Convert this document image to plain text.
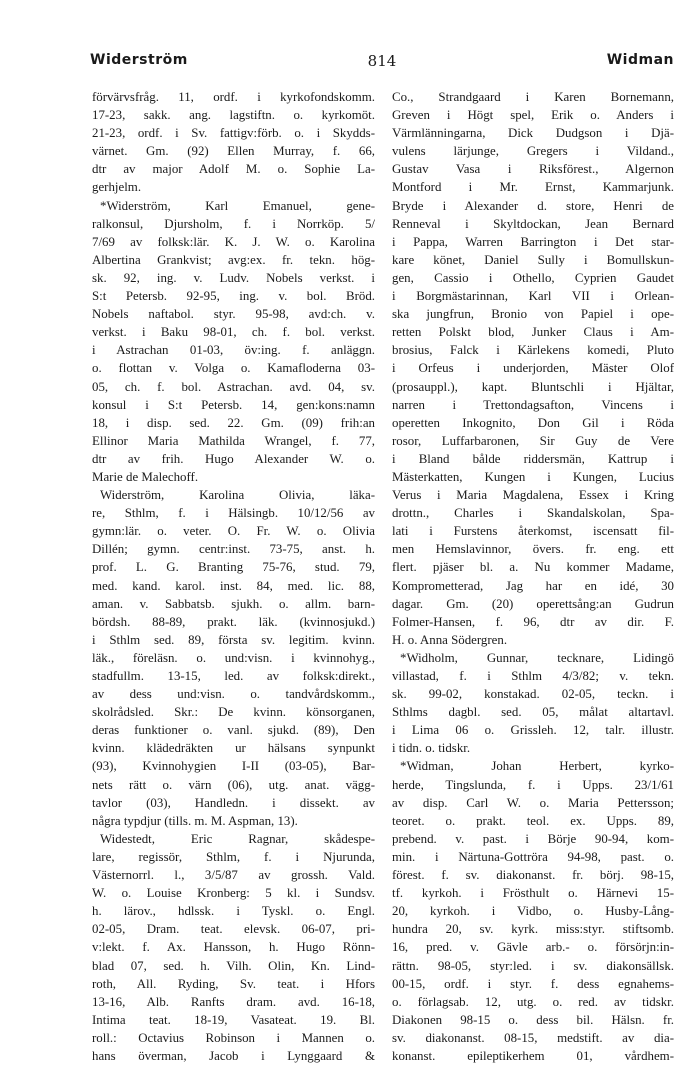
Widerström	814	Widman
förvärvsfråg. 11, ordf. i kyrkofondskomm.
17-23, sakk. ang. lagstiftn. o. kyrkomöt.
21-23, ordf. i Sv. fattigv:förb. o. i Skydds-
värnet. Gm. (92) Ellen Murray, f. 66,
dtr av major Adolf M. o. Sophie La-
gerhjelm.
*Widerström, Karl Emanuel, gene-
ralkonsul, Djursholm, f. i Norrköp. 5/
7/69 av folksk:lär. K. J. W. o. Karolina
Albertina Grankvist; avg:ex. fr. tekn. hög-
sk. 92, ing. v. Ludv. Nobels verkst. i
S:t Petersb. 92-95, ing. v. bol. Bröd.
Nobels naftabol. styr. 95-98, avd:ch. v.
verkst. i Baku 98-01, ch. f. bol. verkst.
i Astrachan 01-03, öv:ing. f. anläggn.
o. flottan v. Volga o. Kamafloderna 03-
05, ch. f. bol. Astrachan. avd. 04, sv.
konsul i S:t Petersb. 14, gen:kons:namn
18, i disp. sed. 22. Gm. (09) frih:an
Ellinor Maria Mathilda Wrangel, f. 77,
dtr av frih. Hugo Alexander W. o.
Marie de Malechoff.
Widerström, Karolina Olivia, läka-
re, Sthlm, f. i Hälsingb. 10/12/56 av
gymn:lär. o. veter. O. Fr. W. o. Olivia
Dillén; gymn. centr:inst. 73-75, anst. h.
prof. L. G. Branting 75-76, stud. 79,
med. kand. karol. inst. 84, med. lic. 88,
aman. v. Sabbatsb. sjukh. o. allm. barn-
bördsh. 88-89, prakt. läk. (kvinnosjukd.)
i Sthlm sed. 89, första sv. legitim. kvinn.
läk., föreläsn. o. und:visn. i kvinnohyg.,
stadfullm. 13-15, led. av folksk:direkt.,
av dess und:visn. o. tandvårdskomm.,
skolrådsled. Skr.: De kvinn. könsorganen,
deras funktioner o. vanl. sjukd. (89), Den
kvinn. klädedräkten ur hälsans synpunkt
(93), Kvinnohygien I-II (03-05), Bar-
nets rätt o. värn (06), utg. anat. vägg-
tavlor (03), Handledn. i dissekt. av
några typdjur (tills. m. M. Aspman, 13).
Widestedt, Eric Ragnar, skådespe-
lare, regissör, Sthlm, f. i Njurunda,
Västernorrl. l., 3/5/87 av grossh. Vald.
W. o. Louise Kronberg: 5 kl. i Sundsv.
h. lärov., hdlssk. i Tyskl. o. Engl.
02-05, Dram. teat. elevsk. 06-07, pri-
v:lekt. f. Ax. Hansson, h. Hugo Rönn-
blad 07, sed. h. Vilh. Olin, Kn. Lind-
roth, All. Ryding, Sv. teat. i Hfors
13-16, Alb. Ranfts dram. avd. 16-18,
Intima teat. 18-19, Vasateat. 19. Bl.
roll.: Octavius Robinson i Mannen o.
hans överman, Jacob i Lynggaard &
Co., Strandgaard i Karen Bornemann,
Greven i Högt spel, Erik o. Anders i
Värmlänningarna, Dick Dudgson i Djä-
vulens lärjunge, Gregers i Vildand.,
Gustav Vasa i Riksförest., Algernon
Montford i Mr. Ernst, Kammarjunk.
Bryde i Alexander d. store, Henri de
Renneval i Skyltdockan, Jean Bernard
i Pappa, Warren Barrington i Det star-
kare könet, Daniel Sully i Bomullskun-
gen, Cassio i Othello, Cyprien Gaudet
i Borgmästarinnan, Karl VII i Orlean-
ska jungfrun, Bronio von Papiel i ope-
retten Polskt blod, Junker Claus i Am-
brosius, Falck i Kärlekens komedi, Pluto
i Orfeus i underjorden, Mäster Olof
(prosauppl.), kapt. Bluntschli i Hjältar,
narren i Trettondagsafton, Vincens i
operetten Inkognito, Don Gil i Röda
rosor, Luffarbaronen, Sir Guy de Vere
i Bland bålde riddersmän, Kattrup i
Mästerkatten, Kungen i Kungen, Lucius
Verus i Maria Magdalena, Essex i Kring
drottn., Charles i Skandalskolan, Spa-
lati i Furstens återkomst, iscensatt fil-
men Hemslavinnor, övers. fr. eng. ett
flert. pjäser bl. a. Nu kommer Madame,
Komprometterad, Jag har en idé, 30
dagar. Gm. (20) operettsång:an Gudrun
Folmer-Hansen, f. 96, dtr av dir. F.
H. o. Anna Södergren.
*Widholm, Gunnar, tecknare, Lidingö
villastad, f. i Sthlm 4/3/82; v. tekn.
sk. 99-02, konstakad. 02-05, teckn. i
Sthlms dagbl. sed. 05, målat altartavl.
i Lima 06 o. Grissleh. 12, talr. illustr.
i tidn. o. tidskr.
*Widman, Johan Herbert, kyrko-
herde, Tingslunda, f. i Upps. 23/1/61
av disp. Carl W. o. Maria Pettersson;
teoret. o. prakt. teol. ex. Upps. 89,
prebend. v. past. i Börje 90-94, kom-
min. i Närtuna-Gottröra 94-98, past. o.
förest. f. sv. diakonanst. fr. börj. 98-15,
tf. kyrkoh. i Frösthult o. Härnevi 15-
20, kyrkoh. i Vidbo, o. Husby-Lång-
hundra 20, sv. kyrk. miss:styr. stiftsomb.
16, pred. v. Gävle arb.- o. försörjn:in-
rättn. 98-05, styr:led. i sv. diakonsällsk.
00-15, ordf. i styr. f. dess egnahems-
o. förlagsab. 12, utg. o. red. av tidskr.
Diakonen 98-15 o. dess bil. Hälsn. fr.
sv. diakonanst. 08-15, medstift. av dia-
konanst. epileptikerhem 01, vårdhem-
